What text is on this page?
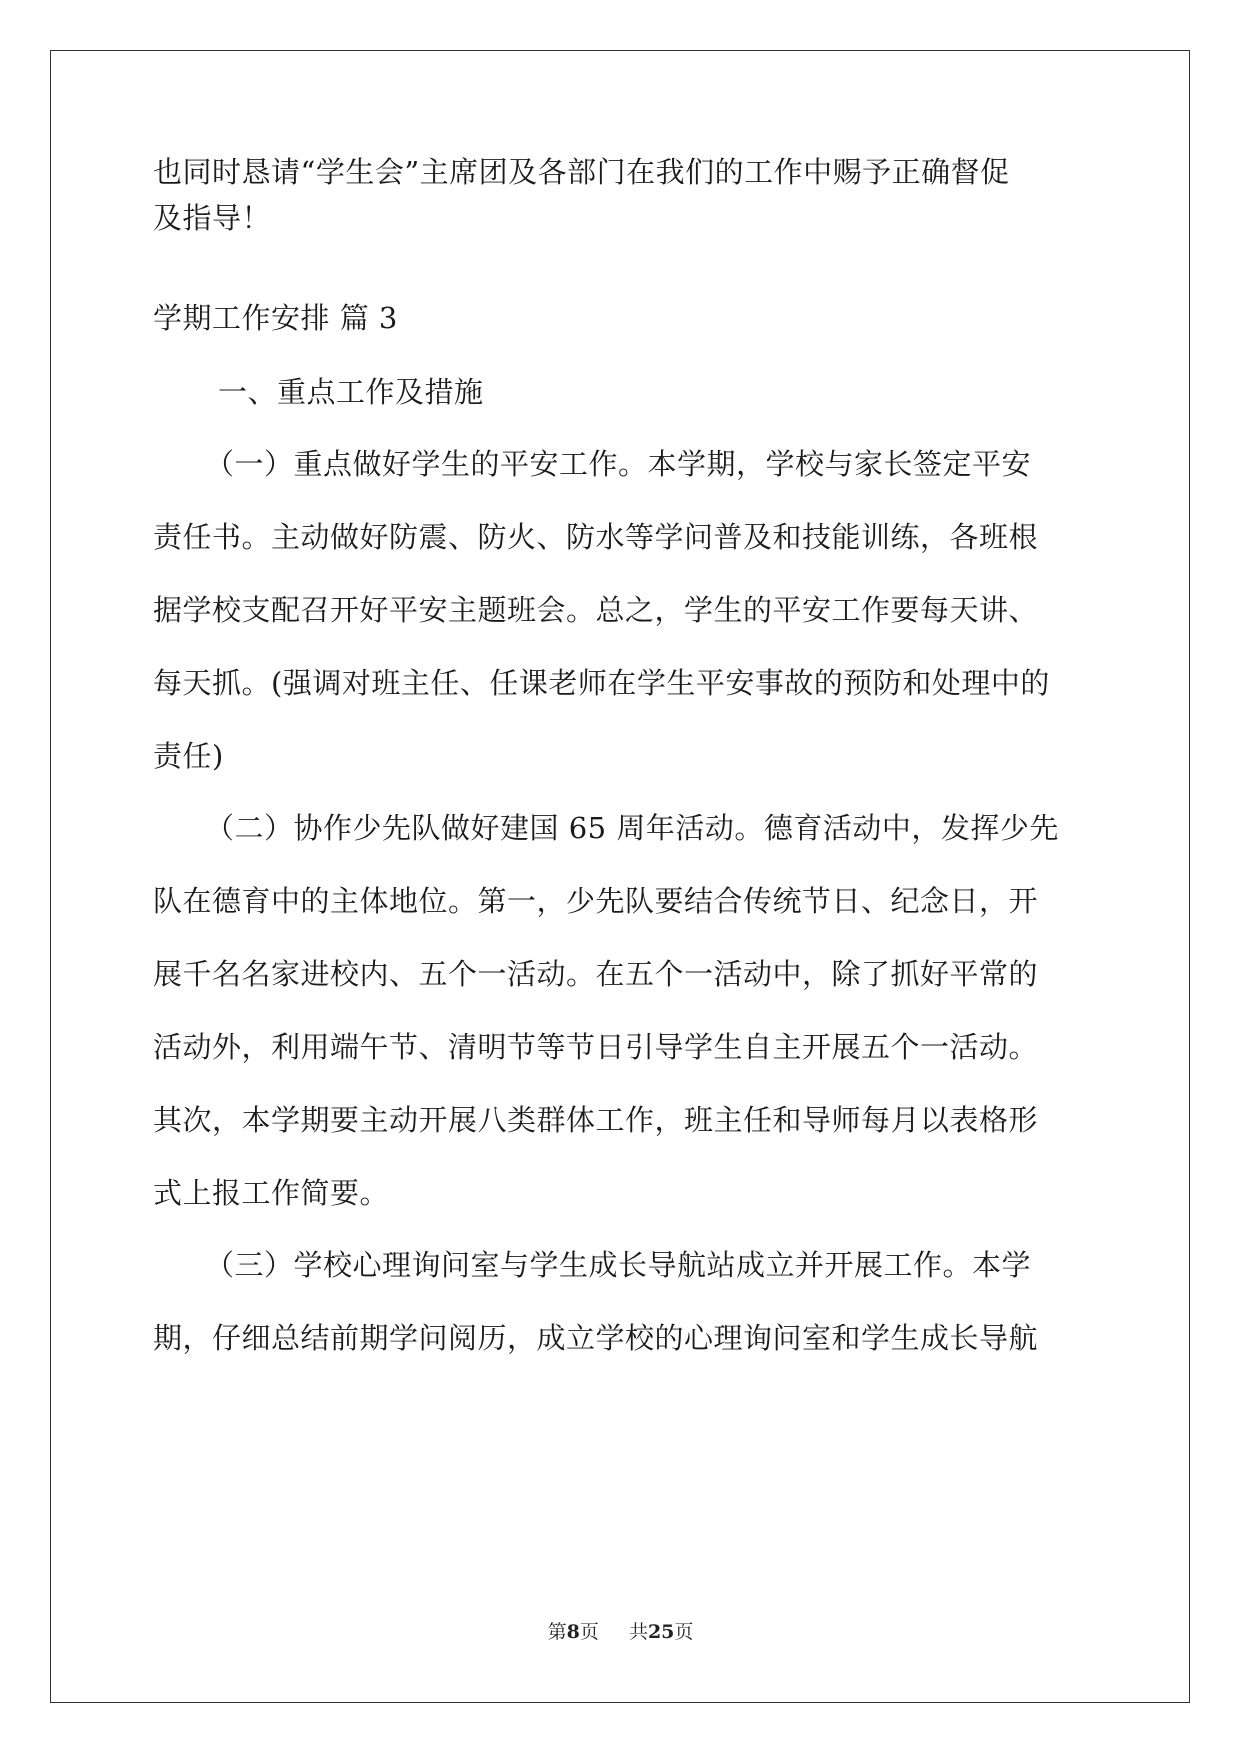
也同时恳请“学生会”主席团及各部门在我们的工作中赐予正确督促
及指导！
学期工作安排 篇 3
一、重点工作及措施
（一）重点做好学生的平安工作。本学期，学校与家长签定平安
责任书。主动做好防震、防火、防水等学问普及和技能训练，各班根
据学校支配召开好平安主题班会。总之，学生的平安工作要每天讲、
每天抓。(强调对班主任、任课老师在学生平安事故的预防和处理中的
责任)
（二）协作少先队做好建国 65 周年活动。德育活动中，发挥少先
队在德育中的主体地位。第一，少先队要结合传统节日、纪念日，开
展千名名家进校内、五个一活动。在五个一活动中，除了抓好平常的
活动外，利用端午节、清明节等节日引导学生自主开展五个一活动。
其次，本学期要主动开展八类群体工作，班主任和导师每月以表格形
式上报工作简要。
（三）学校心理询问室与学生成长导航站成立并开展工作。本学
期，仔细总结前期学问阅历，成立学校的心理询问室和学生成长导航
第8页 共25页
